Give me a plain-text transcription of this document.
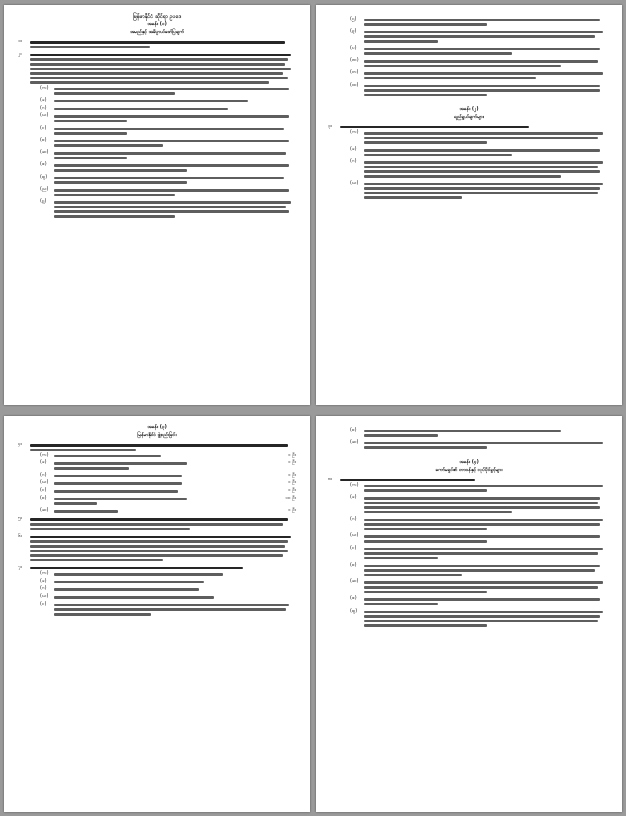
မြန်မာနိုင်ငံ ဆိုင်ရာ ဥပဒေ
အခန်း (၁)
အမည်နှင့် အဓိပ္ပာယ်ဖော်ပြချက်
၁။
၂။
(က)
(ခ)
(ဂ)
(ဃ)
(င)
(စ)
(ဆ)
(ဇ)
(ဈ)
(ည)
(ဋ)
(ဌ)
(ဍ)
(ဎ)
(ဏ)
(တ)
(ထ)
အခန်း (၂)
ရည်ရွယ်ချက်များ
၃။
(က)
(ခ)
(ဂ)
(ဃ)
အခန်း (၃)
မြန်မာနိုင်ငံ ဖွဲ့စည်းခြင်း
၄။
(က)	၁ ဦး
(ခ)	၁ ဦး
(ဂ)	၁ ဦး
(ဃ)	၁ ဦး
(င)	၁ ဦး
(စ)	၁၀ ဦး
(ဆ)	၁ ဦး
၅။
၆။
၇။
(က)
(ခ)
(ဂ)
(ဃ)
(င)
(စ)
(ဆ)
အခန်း (၄)
ကော်မရှင်၏ တာဝန်နှင့် လုပ်ပိုင်ခွင့်များ
၈။
(က)
(ခ)
(ဂ)
(ဃ)
(င)
(စ)
(ဆ)
(ဇ)
(ဈ)
